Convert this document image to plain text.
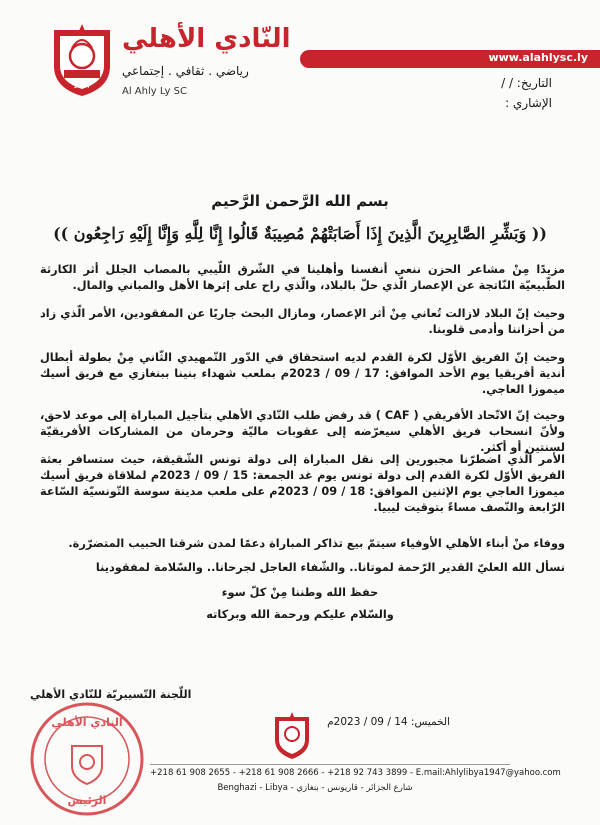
1947
النّادي الأهلي
رياضي . ثقافي . إجتماعي
Al Ahly Ly SC
www.alahlysc.ly
التاريخ: / /
الإشاري :
بسم الله الرَّحمن الرَّحيم
(( وَبَشِّرِ الصَّابِرِينَ الَّذِينَ إِذَا أَصَابَتْهُمْ مُصِيبَةٌ قَالُوا إِنَّا لِلَّهِ وَإِنَّا إِلَيْهِ رَاجِعُون ))

مزيدًا مِنْ مشاعر الحزن ننعي أنفسنا وأهلينا في الشّرق اللّيبي بالمصاب الجلل أثر الكارثة الطّبيعيّة النّاتجة عن الإعصار الّذي حلّ بالبلاد، والّذي راح على إثرها الأهل والمباني والمال.

وحيث إنّ البلاد لازالت تُعاني مِنْ أثر الإعصار، ومازال البحث جاريًا عن المفقودين، الأمر الّذي زاد من أحزاننا وأدمى قلوبنا.

وحيث إنّ الفريق الأوّل لكرة القدم لديه استحقاق في الدّور التّمهيدي الثّاني مِنْ بطولة أبطال أندية أفريقيا يوم الأحد الموافق: 17 / 09 / 2023م بملعب شهداء بنينا ببنغازي مع فريق أسيك ميموزا العاجي.

وحيث إنّ الاتّحاد الأفريقي ( CAF ) قد رفض طلب النّادي الأهلي بتأجيل المباراة إلى موعد لاحق، ولأنّ انسحاب فريق الأهلي سيعرّضه إلى عقوبات ماليّة وحرمان من المشاركات الأفريقيّة لسنتين أو أكثر.

الأمر الّذي اضطرّنا مجبورين إلى نقل المباراة إلى دولة تونس الشّقيقة، حيث ستسافر بعثة الفريق الأوّل لكرة القدم إلى دولة تونس يوم غد الجمعة: 15 / 09 / 2023م لملاقاة فريق أسيك ميموزا العاجي يوم الإثنين الموافق: 18 / 09 / 2023م على ملعب مدينة سوسة التّونسيّة السّاعة الرّابعة والنّصف مساءً بتوقيت ليبيا.

ووفاء منْ أبناء الأهلي الأوفياء سيتمّ بيع تذاكر المباراة دعمًا لمدن شرقنا الحبيب المتضرّرة.

نسأل الله العليّ القدير الرّحمة لموتانا.. والشّفاء العاجل لجرحانا.. والسّلامة لمفقودينا

حفظ الله وطننا مِنْ كلّ سوء
والسّلام عليكم ورحمة الله وبركاته
اللّجنة التّسييريّة للنّادي الأهلي
النادي الأهلي
الرئيس
الخميس: 14 / 09 / 2023م
+218 61 908 2655 - +218 61 908 2666 - +218 92 743 3899 - E.mail:Ahlylibya1947@yahoo.com
Benghazi - Libya - شارع الجزائر - قاريونس - بنغازي
